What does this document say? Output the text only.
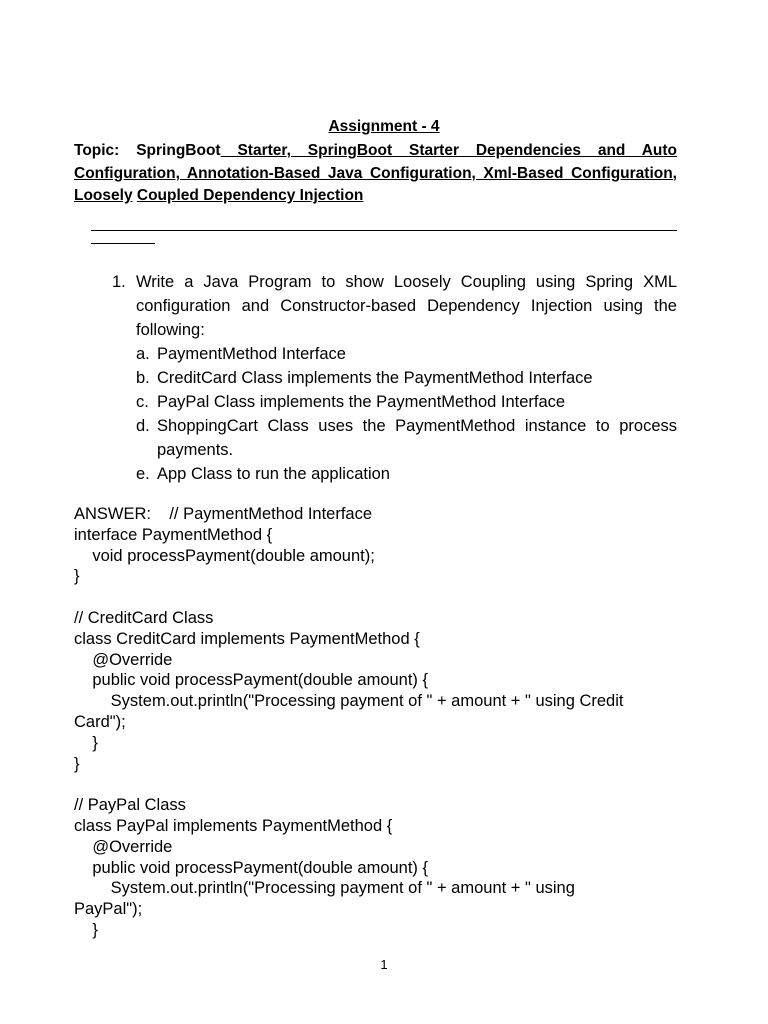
Assignment - 4
Topic: SpringBoot Starter, SpringBoot Starter Dependencies and Auto Configuration, Annotation-Based Java Configuration, Xml-Based Configuration, Loosely Coupled Dependency Injection
1. Write a Java Program to show Loosely Coupling using Spring XML configuration and Constructor-based Dependency Injection using the following:
a. PaymentMethod Interface
b. CreditCard Class implements the PaymentMethod Interface
c. PayPal Class implements the PaymentMethod Interface
d. ShoppingCart Class uses the PaymentMethod instance to process payments.
e. App Class to run the application
ANSWER:    // PaymentMethod Interface
interface PaymentMethod {
void processPayment(double amount);
}
// CreditCard Class
class CreditCard implements PaymentMethod {
@Override
public void processPayment(double amount) {
System.out.println("Processing payment of " + amount + " using Credit
Card");
}
}
// PayPal Class
class PayPal implements PaymentMethod {
@Override
public void processPayment(double amount) {
System.out.println("Processing payment of " + amount + " using
PayPal");
}
1
